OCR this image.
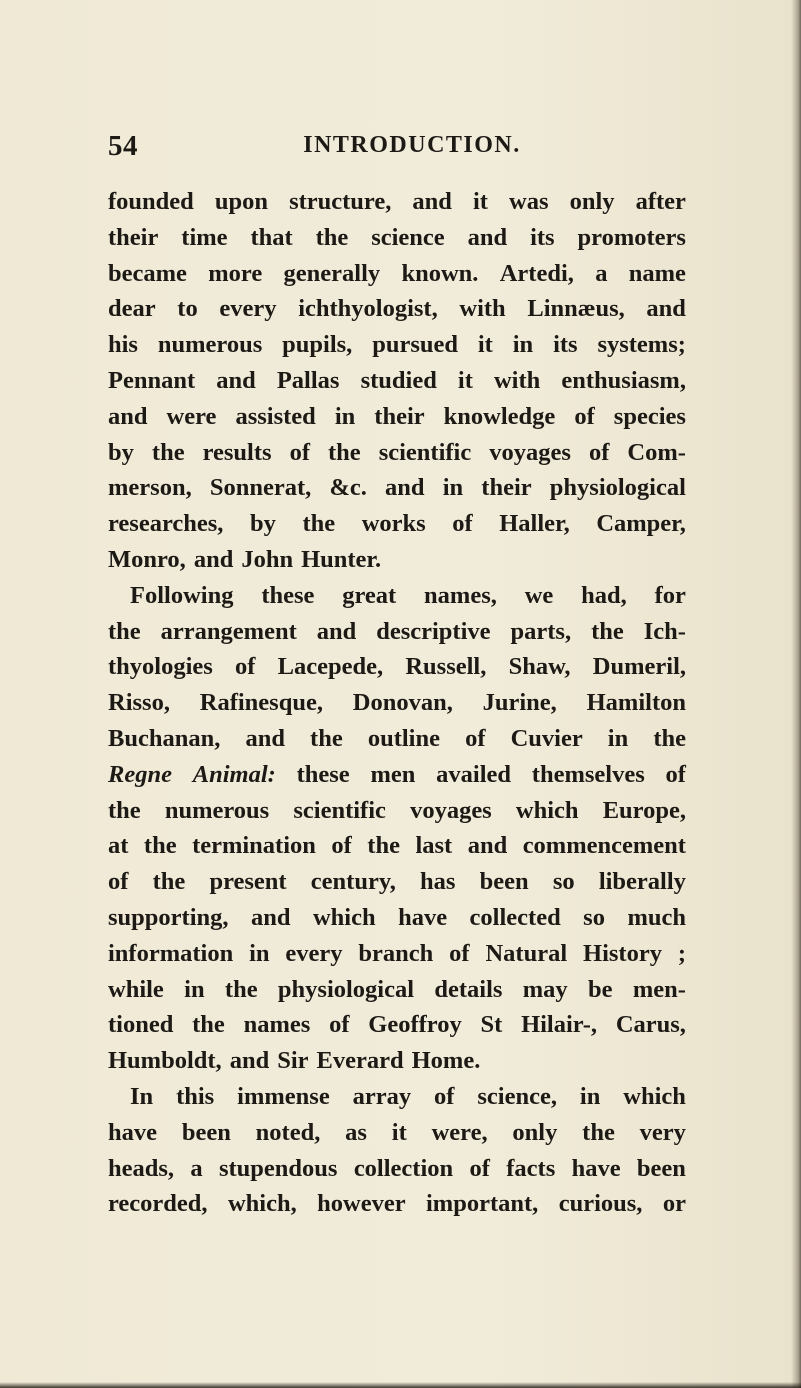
54	INTRODUCTION.
founded upon structure, and it was only after
their time that the science and its promoters
became more generally known. Artedi, a name
dear to every ichthyologist, with Linnæus, and
his numerous pupils, pursued it in its systems;
Pennant and Pallas studied it with enthusiasm,
and were assisted in their knowledge of species
by the results of the scientific voyages of Com-
merson, Sonnerat, &c. and in their physiological
researches, by the works of Haller, Camper,
Monro, and John Hunter.
Following these great names, we had, for
the arrangement and descriptive parts, the Ich-
thyologies of Lacepede, Russell, Shaw, Dumeril,
Risso, Rafinesque, Donovan, Jurine, Hamilton
Buchanan, and the outline of Cuvier in the
Regne Animal: these men availed themselves of
the numerous scientific voyages which Europe,
at the termination of the last and commencement
of the present century, has been so liberally
supporting, and which have collected so much
information in every branch of Natural History ;
while in the physiological details may be men-
tioned the names of Geoffroy St Hilair-, Carus,
Humboldt, and Sir Everard Home.
In this immense array of science, in which
have been noted, as it were, only the very
heads, a stupendous collection of facts have been
recorded, which, however important, curious, or
